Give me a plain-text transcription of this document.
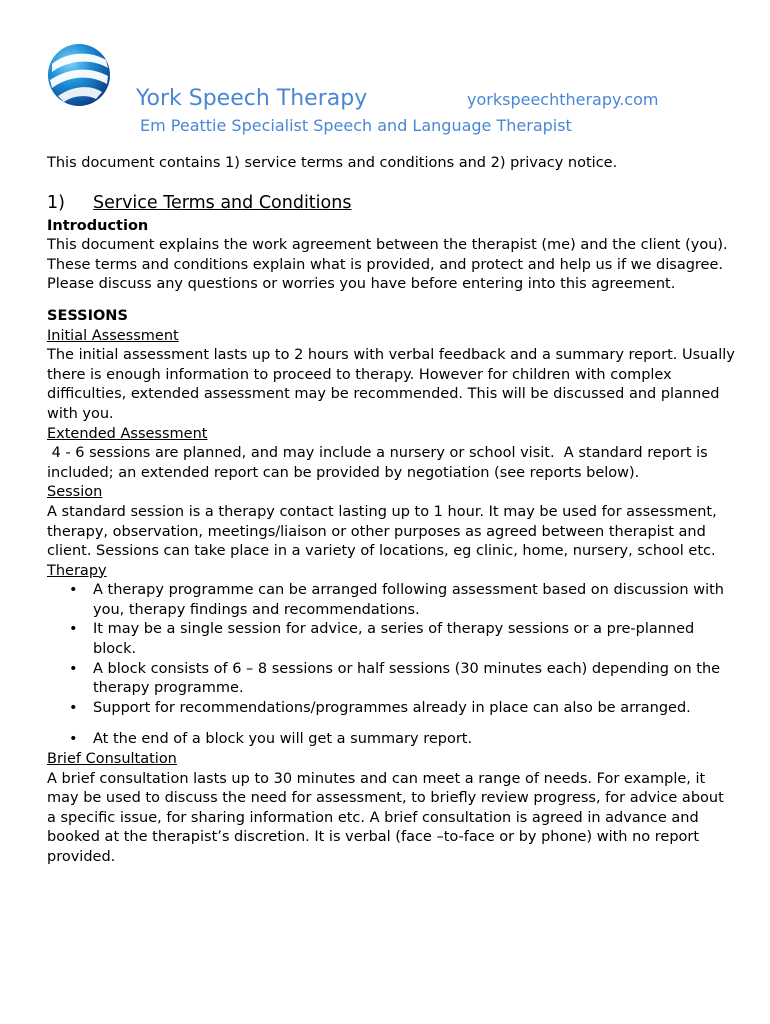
York Speech Therapy	yorkspeechtherapy.com
Em Peattie Specialist Speech and Language Therapist

This document contains 1) service terms and conditions and 2) privacy notice.

1) Service Terms and Conditions

Introduction

This document explains the work agreement between the therapist (me) and the client (you). These terms and conditions explain what is provided, and protect and help us if we disagree. Please discuss any questions or worries you have before entering into this agreement.

SESSIONS

Initial Assessment

The initial assessment lasts up to 2 hours with verbal feedback and a summary report. Usually there is enough information to proceed to therapy. However for children with complex difficulties, extended assessment may be recommended. This will be discussed and planned with you.

Extended Assessment

4 - 6 sessions are planned, and may include a nursery or school visit.  A standard report is included; an extended report can be provided by negotiation (see reports below).

Session

A standard session is a therapy contact lasting up to 1 hour. It may be used for assessment, therapy, observation, meetings/liaison or other purposes as agreed between therapist and client. Sessions can take place in a variety of locations, eg clinic, home, nursery, school etc.

Therapy

• A therapy programme can be arranged following assessment based on discussion with you, therapy findings and recommendations.
• It may be a single session for advice, a series of therapy sessions or a pre-planned block.
• A block consists of 6 – 8 sessions or half sessions (30 minutes each) depending on the therapy programme.
• Support for recommendations/programmes already in place can also be arranged.
• At the end of a block you will get a summary report.

Brief Consultation

A brief consultation lasts up to 30 minutes and can meet a range of needs. For example, it may be used to discuss the need for assessment, to briefly review progress, for advice about a specific issue, for sharing information etc. A brief consultation is agreed in advance and booked at the therapist’s discretion. It is verbal (face –to-face or by phone) with no report provided.
